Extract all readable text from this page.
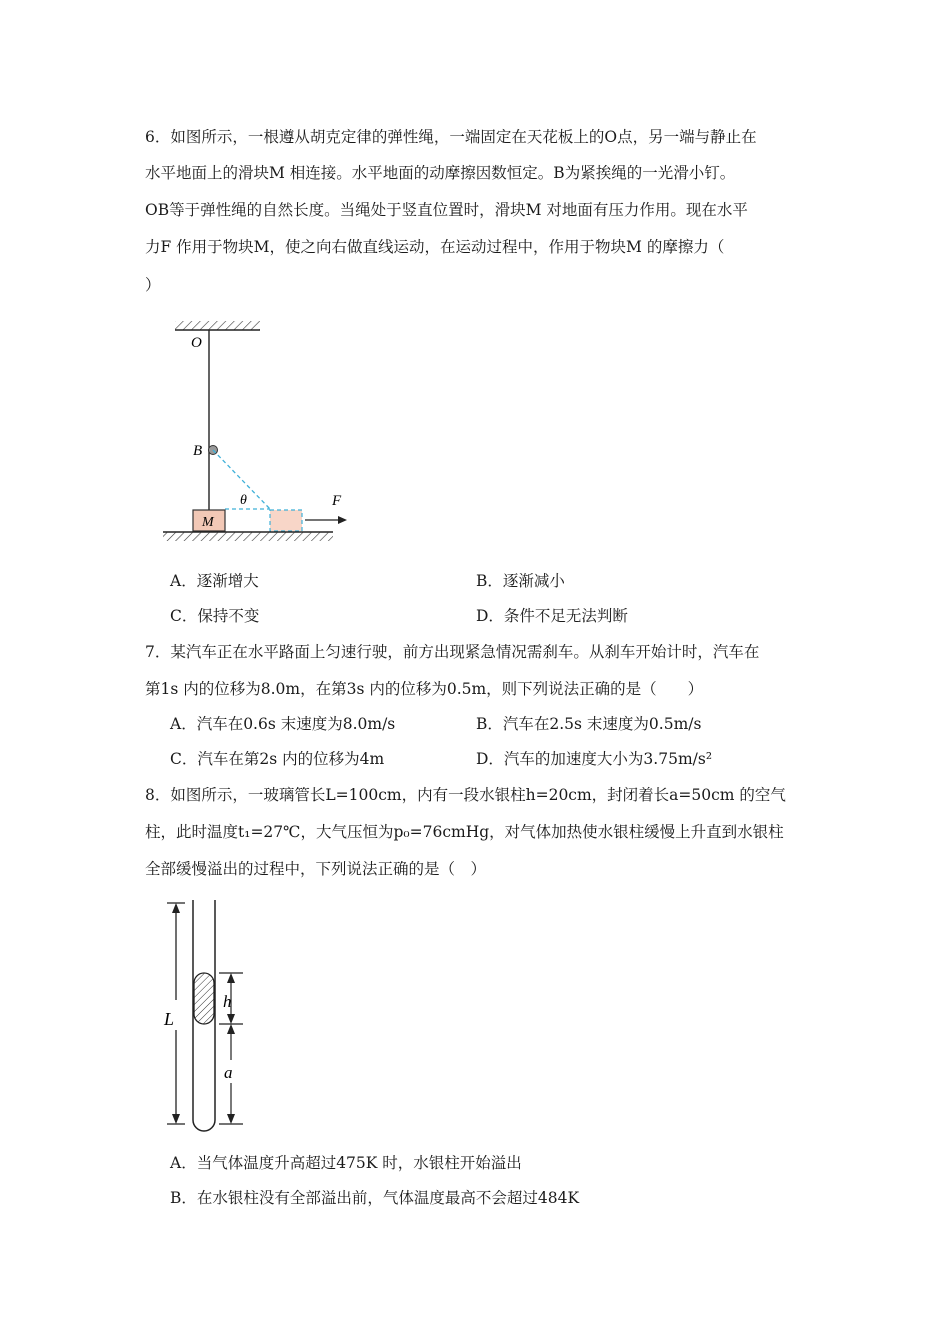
6．如图所示，一根遵从胡克定律的弹性绳，一端固定在天花板上的O点，另一端与静止在
水平地面上的滑块M 相连接。水平地面的动摩擦因数恒定。B为紧挨绳的一光滑小钉。
OB等于弹性绳的自然长度。当绳处于竖直位置时，滑块M 对地面有压力作用。现在水平
力F 作用于物块M，使之向右做直线运动，在运动过程中，作用于物块M 的摩擦力（
）
O
B
θ
M
F
A．逐渐增大	B．逐渐减小
C．保持不变	D．条件不足无法判断
7．某汽车正在水平路面上匀速行驶，前方出现紧急情况需刹车。从刹车开始计时，汽车在
第1s 内的位移为8.0m，在第3s 内的位移为0.5m，则下列说法正确的是（　　）
A．汽车在0.6s 末速度为8.0m/s	B．汽车在2.5s 末速度为0.5m/s
C．汽车在第2s 内的位移为4m	D．汽车的加速度大小为3.75m/s²
8．如图所示，一玻璃管长L=100cm，内有一段水银柱h=20cm，封闭着长a=50cm 的空气
柱，此时温度t₁=27℃，大气压恒为p₀=76cmHg，对气体加热使水银柱缓慢上升直到水银柱
全部缓慢溢出的过程中，下列说法正确的是（　）
L
h
a
A．当气体温度升高超过475K 时，水银柱开始溢出
B．在水银柱没有全部溢出前，气体温度最高不会超过484K
